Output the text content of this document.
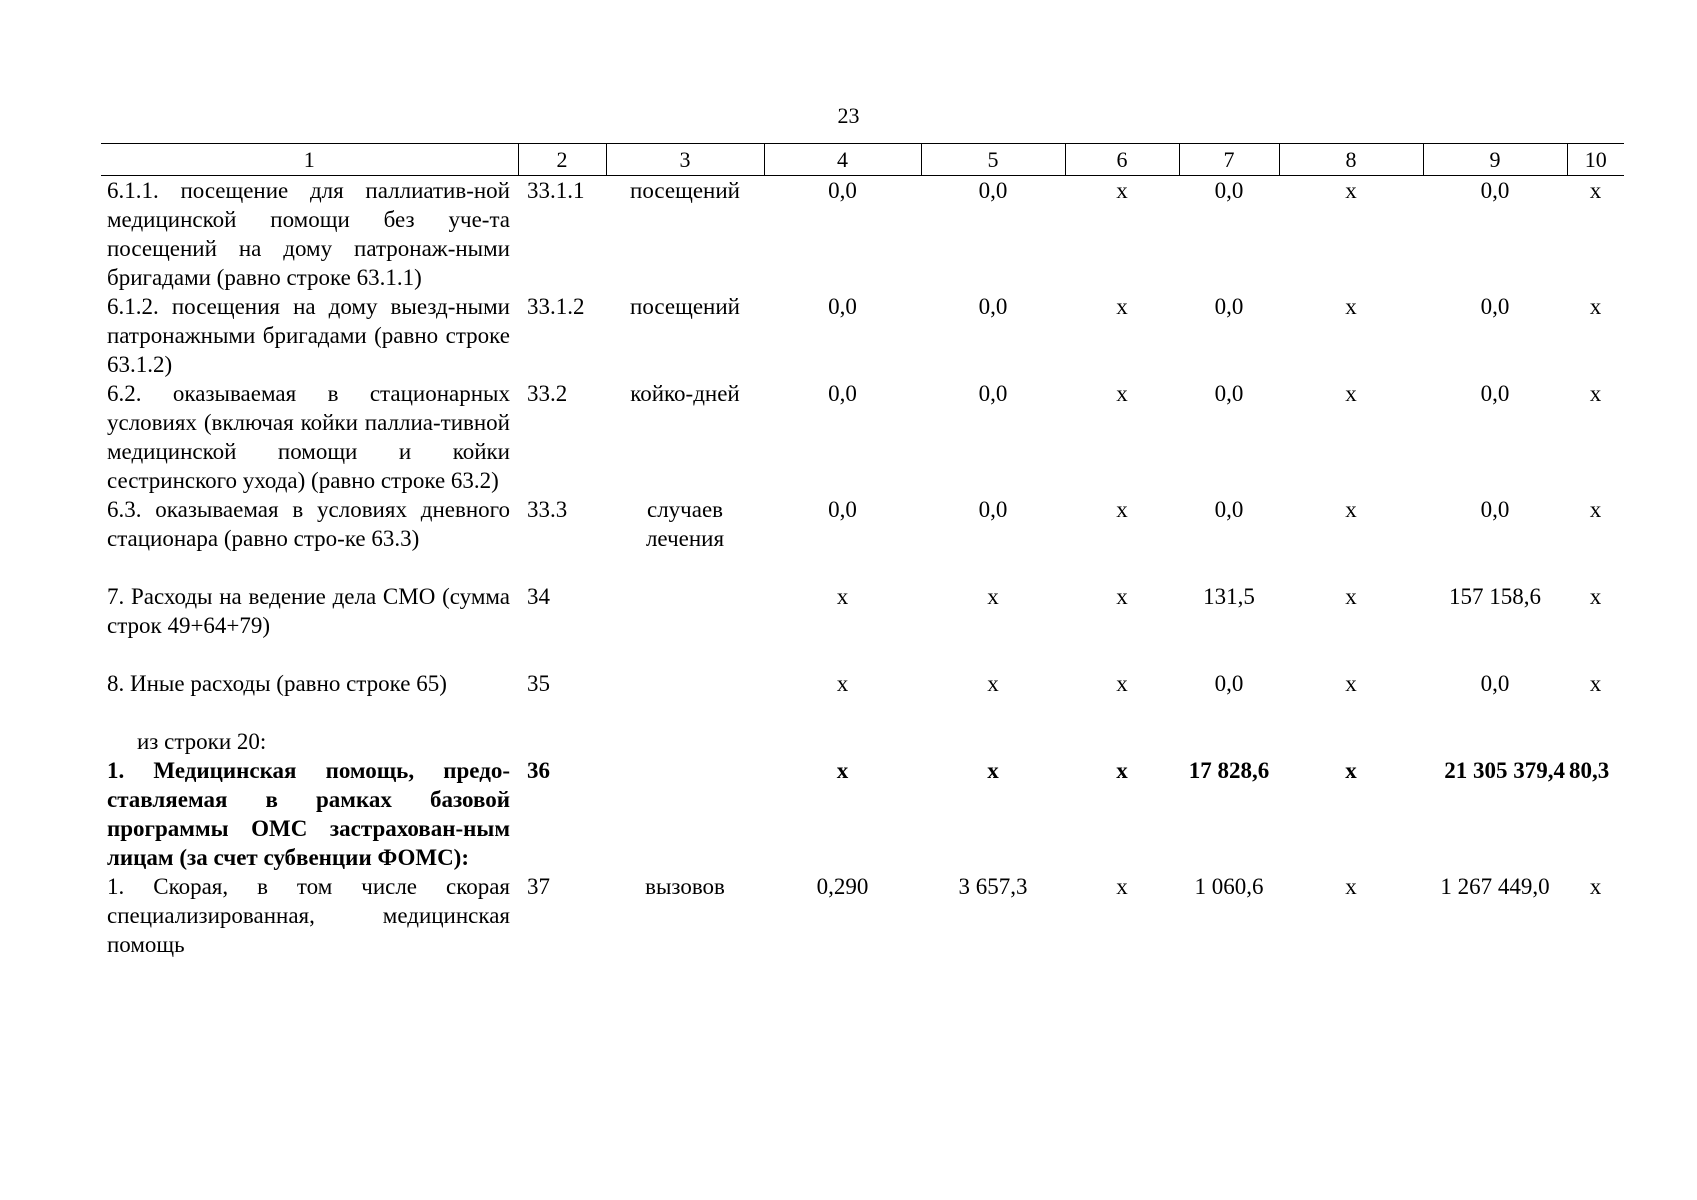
23
1	2	3	4	5	6	7	8	9	10
6.1.1. посещение для паллиатив-ной медицинской помощи без уче-та посещений на дому патронаж-ными бригадами (равно строке 63.1.1)	33.1.1	посещений	0,0	0,0	х	0,0	х	0,0	х
6.1.2. посещения на дому выезд-ными патронажными бригадами (равно строке 63.1.2)	33.1.2	посещений	0,0	0,0	х	0,0	х	0,0	х
6.2. оказываемая в стационарных условиях (включая койки паллиа-тивной медицинской помощи и койки сестринского ухода) (равно строке 63.2)	33.2	койко-дней	0,0	0,0	х	0,0	х	0,0	х
6.3. оказываемая в условиях дневного стационара (равно стро-ке 63.3)	33.3	случаев лечения	0,0	0,0	х	0,0	х	0,0	х
7. Расходы на ведение дела СМО (сумма строк 49+64+79)	34		х	х	х	131,5	х	157 158,6	х
8. Иные расходы (равно строке 65)	35		х	х	х	0,0	х	0,0	х
из строки 20:									
1. Медицинская помощь, предо-ставляемая в рамках базовой программы ОМС застрахован-ным лицам (за счет субвенции ФОМС):	36		х	х	х	17 828,6	х	21 305 379,4	80,3
1. Скорая, в том числе скорая специализированная, медицинская помощь	37	вызовов	0,290	3 657,3	х	1 060,6	х	1 267 449,0	х
